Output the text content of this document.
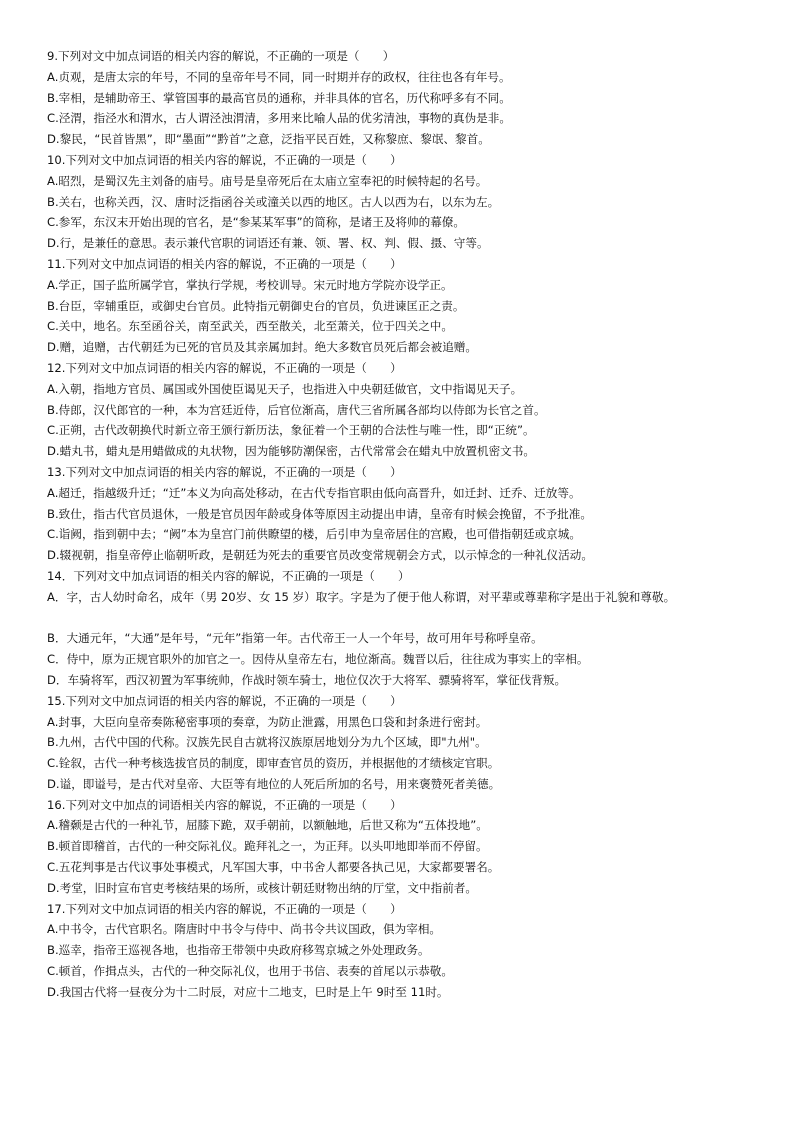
9.下列对文中加点词语的相关内容的解说，不正确的一项是（　　）
A.贞观，是唐太宗的年号，不同的皇帝年号不同，同一时期并存的政权，往往也各有年号。
B.宰相，是辅助帝王、掌管国事的最高官员的通称，并非具体的官名，历代称呼多有不同。
C.泾渭，指泾水和渭水，古人谓泾浊渭清，多用来比喻人品的优劣清浊，事物的真伪是非。
D.黎民，“民首皆黑”，即“墨面”“黔首”之意，泛指平民百姓，又称黎庶、黎氓、黎首。
10.下列对文中加点词语的相关内容的解说，不正确的一项是（　　）
A.昭烈，是蜀汉先主刘备的庙号。庙号是皇帝死后在太庙立室奉祀的时候特起的名号。
B.关右，也称关西，汉、唐时泛指函谷关或潼关以西的地区。古人以西为右，以东为左。
C.参军，东汉末开始出现的官名，是“参某某军事”的简称，是诸王及将帅的幕僚。
D.行，是兼任的意思。表示兼代官职的词语还有兼、领、署、权、判、假、摄、守等。
11.下列对文中加点词语的相关内容的解说，不正确的一项是（　　）
A.学正，国子监所属学官，掌执行学规，考校训导。宋元时地方学院亦设学正。
B.台臣，宰辅重臣，或御史台官员。此特指元朝御史台的官员，负进谏匡正之责。
C.关中，地名。东至函谷关，南至武关，西至散关，北至萧关，位于四关之中。
D.赠，追赠，古代朝廷为已死的官员及其亲属加封。绝大多数官员死后都会被追赠。
12.下列对文中加点词语的相关内容的解说，不正确的一项是（　　）
A.入朝，指地方官员、属国或外国使臣谒见天子，也指进入中央朝廷做官，文中指谒见天子。
B.侍郎，汉代郎官的一种，本为宫廷近侍，后官位渐高，唐代三省所属各部均以侍郎为长官之首。
C.正朔，古代改朝换代时新立帝王颁行新历法，象征着一个王朝的合法性与唯一性，即“正统”。
D.蜡丸书，蜡丸是用蜡做成的丸状物，因为能够防潮保密，古代常常会在蜡丸中放置机密文书。
13.下列对文中加点词语的相关内容的解说，不正确的一项是（　　）
A.超迁，指越级升迁；“迁”本义为向高处移动，在古代专指官职由低向高晋升，如迁封、迁乔、迁放等。
B.致仕，指古代官员退休，一般是官员因年龄或身体等原因主动提出申请，皇帝有时候会挽留，不予批准。
C.诣阙，指到朝中去；“阙”本为皇宫门前供瞭望的楼，后引申为皇帝居住的宫殿，也可借指朝廷或京城。
D.辍视朝，指皇帝停止临朝听政，是朝廷为死去的重要官员改变常规朝会方式，以示悼念的一种礼仪活动。
14．下列对文中加点词语的相关内容的解说，不正确的一项是（　　）
A．字，古人幼时命名，成年（男 20岁、女 15 岁）取字。字是为了便于他人称谓，对平辈或尊辈称字是出于礼貌和尊敬。
B．大通元年，“大通”是年号，“元年”指第一年。古代帝王一人一个年号，故可用年号称呼皇帝。
C．侍中，原为正规官职外的加官之一。因侍从皇帝左右，地位渐高。魏晋以后，往往成为事实上的宰相。
D．车骑将军，西汉初置为军事统帅，作战时领车骑士，地位仅次于大将军、骠骑将军，掌征伐背叛。
15.下列对文中加点词语的相关内容的解说，不正确的一项是（　　）
A.封事，大臣向皇帝奏陈秘密事项的奏章，为防止泄露，用黑色口袋和封条进行密封。
B.九州，古代中国的代称。汉族先民自古就将汉族原居地划分为九个区域，即"九州"。
C.铨叙，古代一种考核选拔官员的制度，即审查官员的资历，并根据他的才绩核定官职。
D.谥，即谥号，是古代对皇帝、大臣等有地位的人死后所加的名号，用来褒赞死者美德。
16.下列对文中加点的词语相关内容的解说，不正确的一项是（　　）
A.稽颡是古代的一种礼节，屈膝下跪，双手朝前，以额触地，后世又称为“五体投地”。
B.顿首即稽首，古代的一种交际礼仪。跪拜礼之一，为正拜。以头叩地即举而不停留。
C.五花判事是古代议事处事模式，凡军国大事，中书舍人都要各执己见，大家都要署名。
D.考堂，旧时宣布官吏考核结果的场所，或核计朝廷财物出纳的厅堂，文中指前者。
17.下列对文中加点词语的相关内容的解说，不正确的一项是（　　）
A.中书令，古代官职名。隋唐时中书令与侍中、尚书令共议国政，俱为宰相。
B.巡幸，指帝王巡视各地，也指帝王带领中央政府移驾京城之外处理政务。
C.顿首，作揖点头，古代的一种交际礼仪，也用于书信、表奏的首尾以示恭敬。
D.我国古代将一昼夜分为十二时辰，对应十二地支，巳时是上午 9时至 11时。
